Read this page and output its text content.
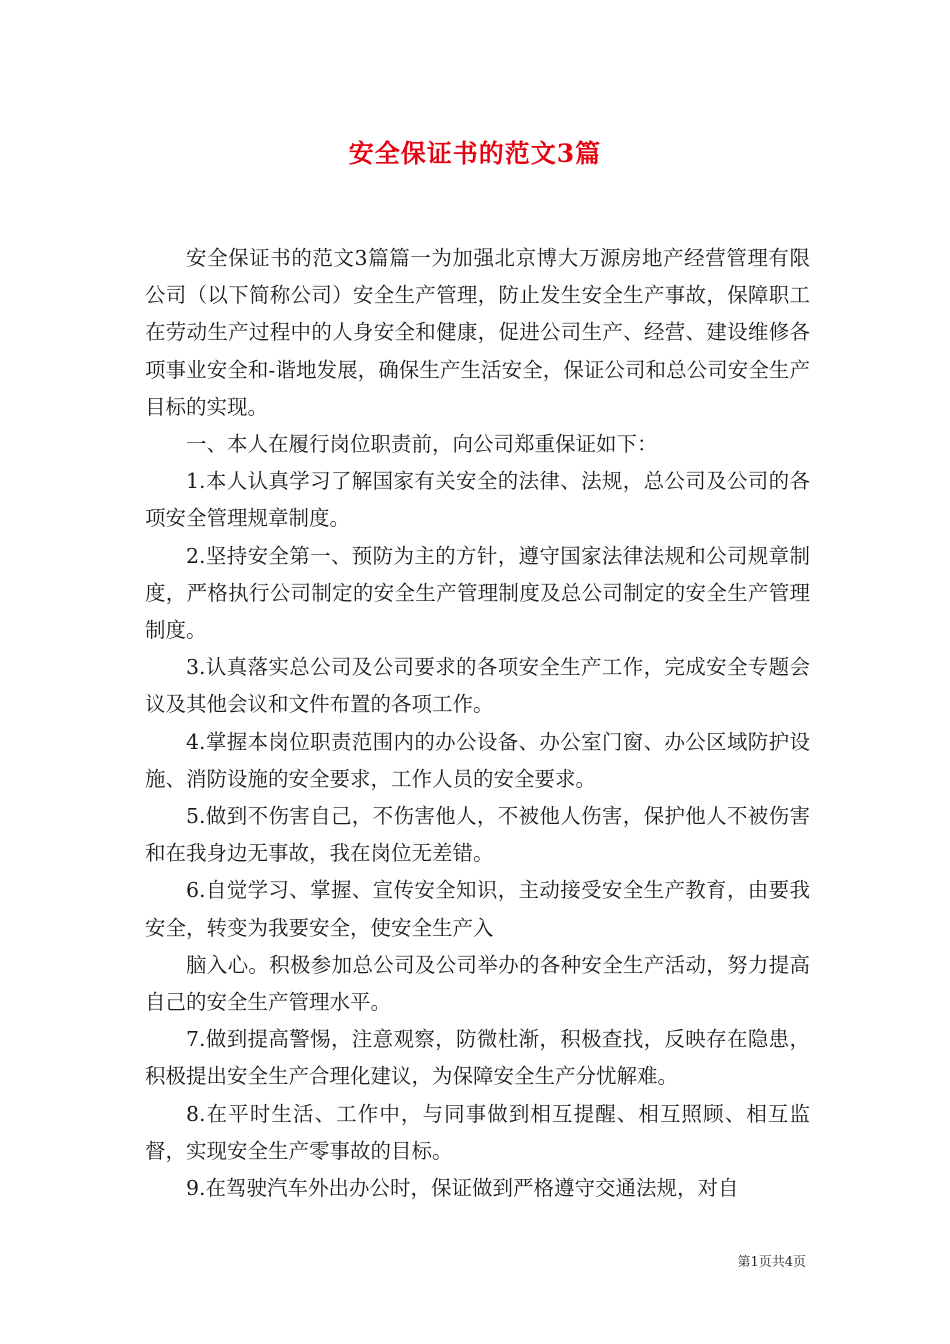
安全保证书的范文3篇

安全保证书的范文3篇篇一为加强北京博大万源房地产经营管理有限公司（以下简称公司）安全生产管理，防止发生安全生产事故，保障职工在劳动生产过程中的人身安全和健康，促进公司生产、经营、建设维修各项事业安全和-谐地发展，确保生产生活安全，保证公司和总公司安全生产目标的实现。

一、本人在履行岗位职责前，向公司郑重保证如下：

1.本人认真学习了解国家有关安全的法律、法规，总公司及公司的各项安全管理规章制度。

2.坚持安全第一、预防为主的方针，遵守国家法律法规和公司规章制度，严格执行公司制定的安全生产管理制度及总公司制定的安全生产管理制度。

3.认真落实总公司及公司要求的各项安全生产工作，完成安全专题会议及其他会议和文件布置的各项工作。

4.掌握本岗位职责范围内的办公设备、办公室门窗、办公区域防护设施、消防设施的安全要求，工作人员的安全要求。

5.做到不伤害自己，不伤害他人，不被他人伤害，保护他人不被伤害和在我身边无事故，我在岗位无差错。

6.自觉学习、掌握、宣传安全知识，主动接受安全生产教育，由要我安全，转变为我要安全，使安全生产入

脑入心。积极参加总公司及公司举办的各种安全生产活动，努力提高自己的安全生产管理水平。

7.做到提高警惕，注意观察，防微杜渐，积极查找，反映存在隐患，积极提出安全生产合理化建议，为保障安全生产分忧解难。

8.在平时生活、工作中，与同事做到相互提醒、相互照顾、相互监督，实现安全生产零事故的目标。

9.在驾驶汽车外出办公时，保证做到严格遵守交通法规，对自

第1页共4页
